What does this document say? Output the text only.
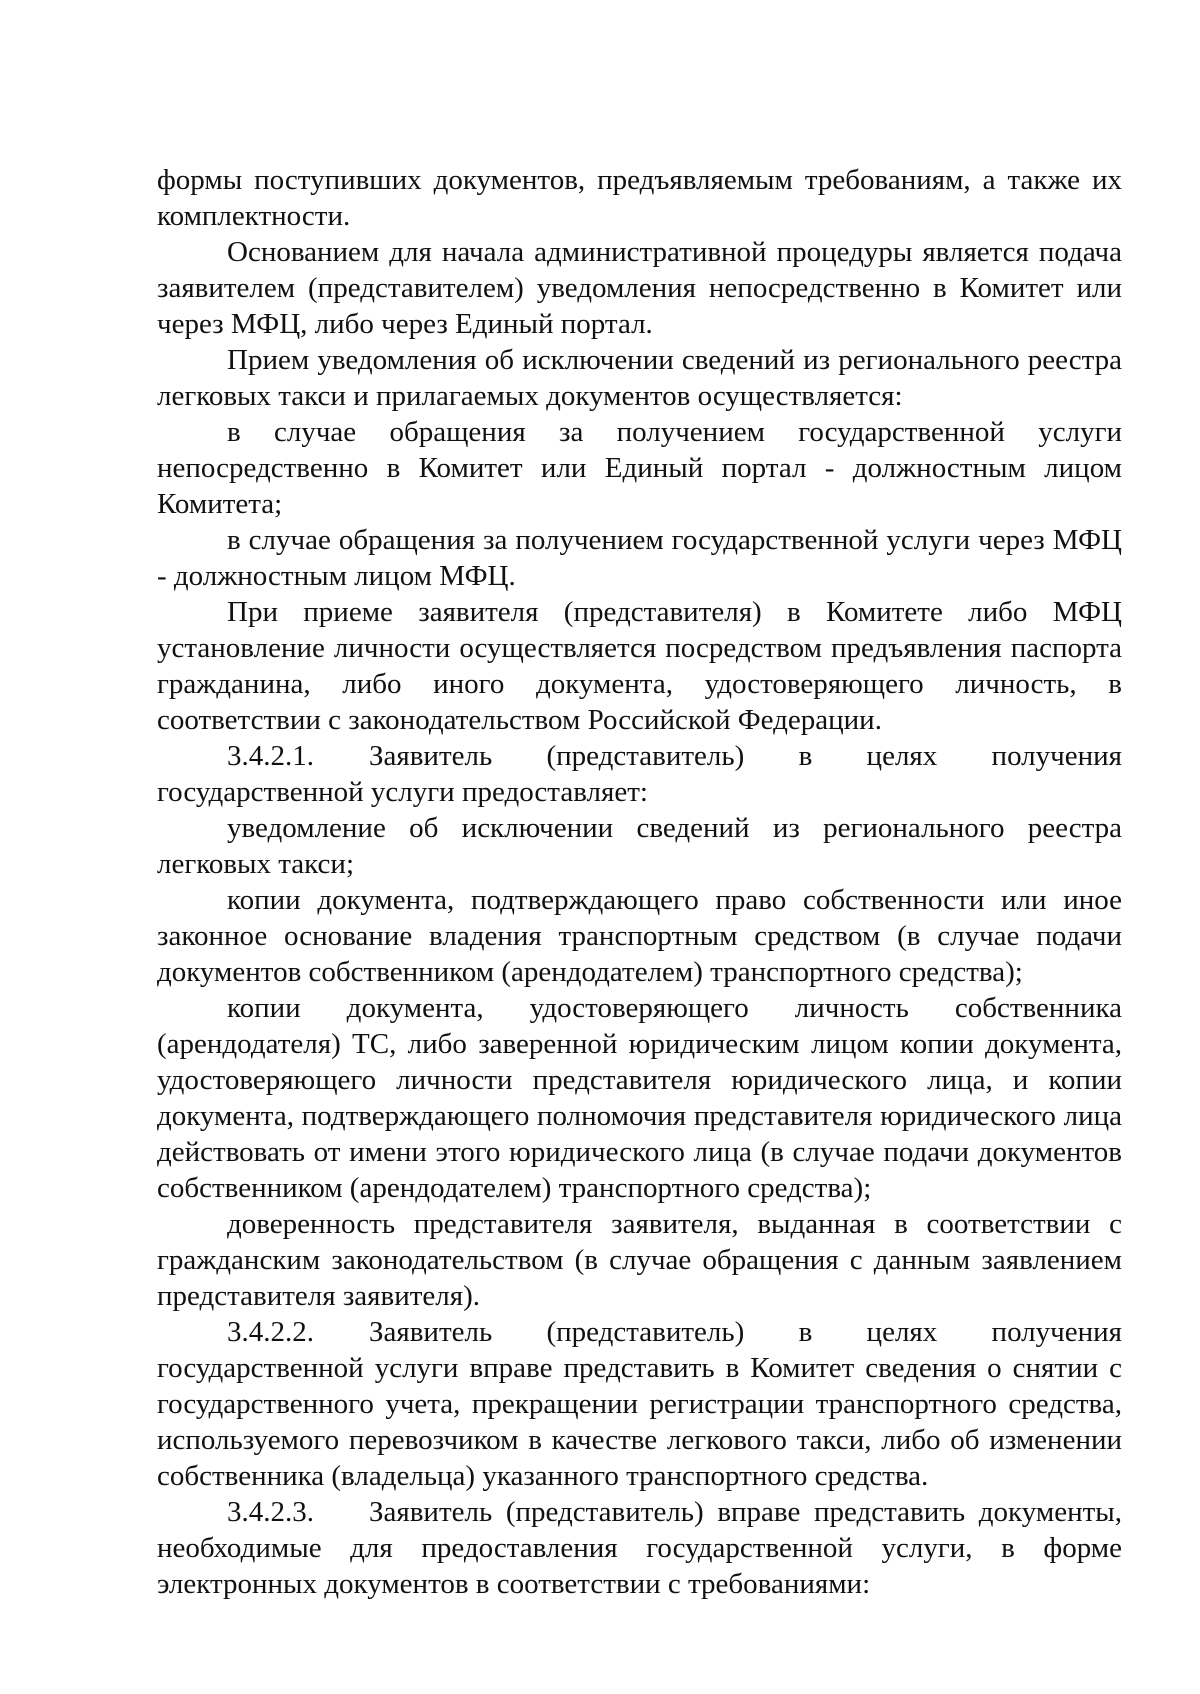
формы поступивших документов, предъявляемым требованиям, а также их комплектности.

Основанием для начала административной процедуры является подача заявителем (представителем) уведомления непосредственно в Комитет или через МФЦ, либо через Единый портал.

Прием уведомления об исключении сведений из регионального реестра легковых такси и прилагаемых документов осуществляется:

в случае обращения за получением государственной услуги непосредственно в Комитет или Единый портал - должностным лицом Комитета;

в случае обращения за получением государственной услуги через МФЦ - должностным лицом МФЦ.

При приеме заявителя (представителя) в Комитете либо МФЦ установление личности осуществляется посредством предъявления паспорта гражданина, либо иного документа, удостоверяющего личность, в соответствии с законодательством Российской Федерации.

3.4.2.1. Заявитель (представитель) в целях получения государственной услуги предоставляет:

уведомление об исключении сведений из регионального реестра легковых такси;

копии документа, подтверждающего право собственности или иное законное основание владения транспортным средством (в случае подачи документов собственником (арендодателем) транспортного средства);

копии документа, удостоверяющего личность собственника (арендодателя) ТС, либо заверенной юридическим лицом копии документа, удостоверяющего личности представителя юридического лица, и копии документа, подтверждающего полномочия представителя юридического лица действовать от имени этого юридического лица (в случае подачи документов собственником (арендодателем) транспортного средства);

доверенность представителя заявителя, выданная в соответствии с гражданским законодательством (в случае обращения с данным заявлением представителя заявителя).

3.4.2.2. Заявитель (представитель) в целях получения государственной услуги вправе представить в Комитет сведения о снятии с государственного учета, прекращении регистрации транспортного средства, используемого перевозчиком в качестве легкового такси, либо об изменении собственника (владельца) указанного транспортного средства.

3.4.2.3. Заявитель (представитель) вправе представить документы, необходимые для предоставления государственной услуги, в форме электронных документов в соответствии с требованиями:
